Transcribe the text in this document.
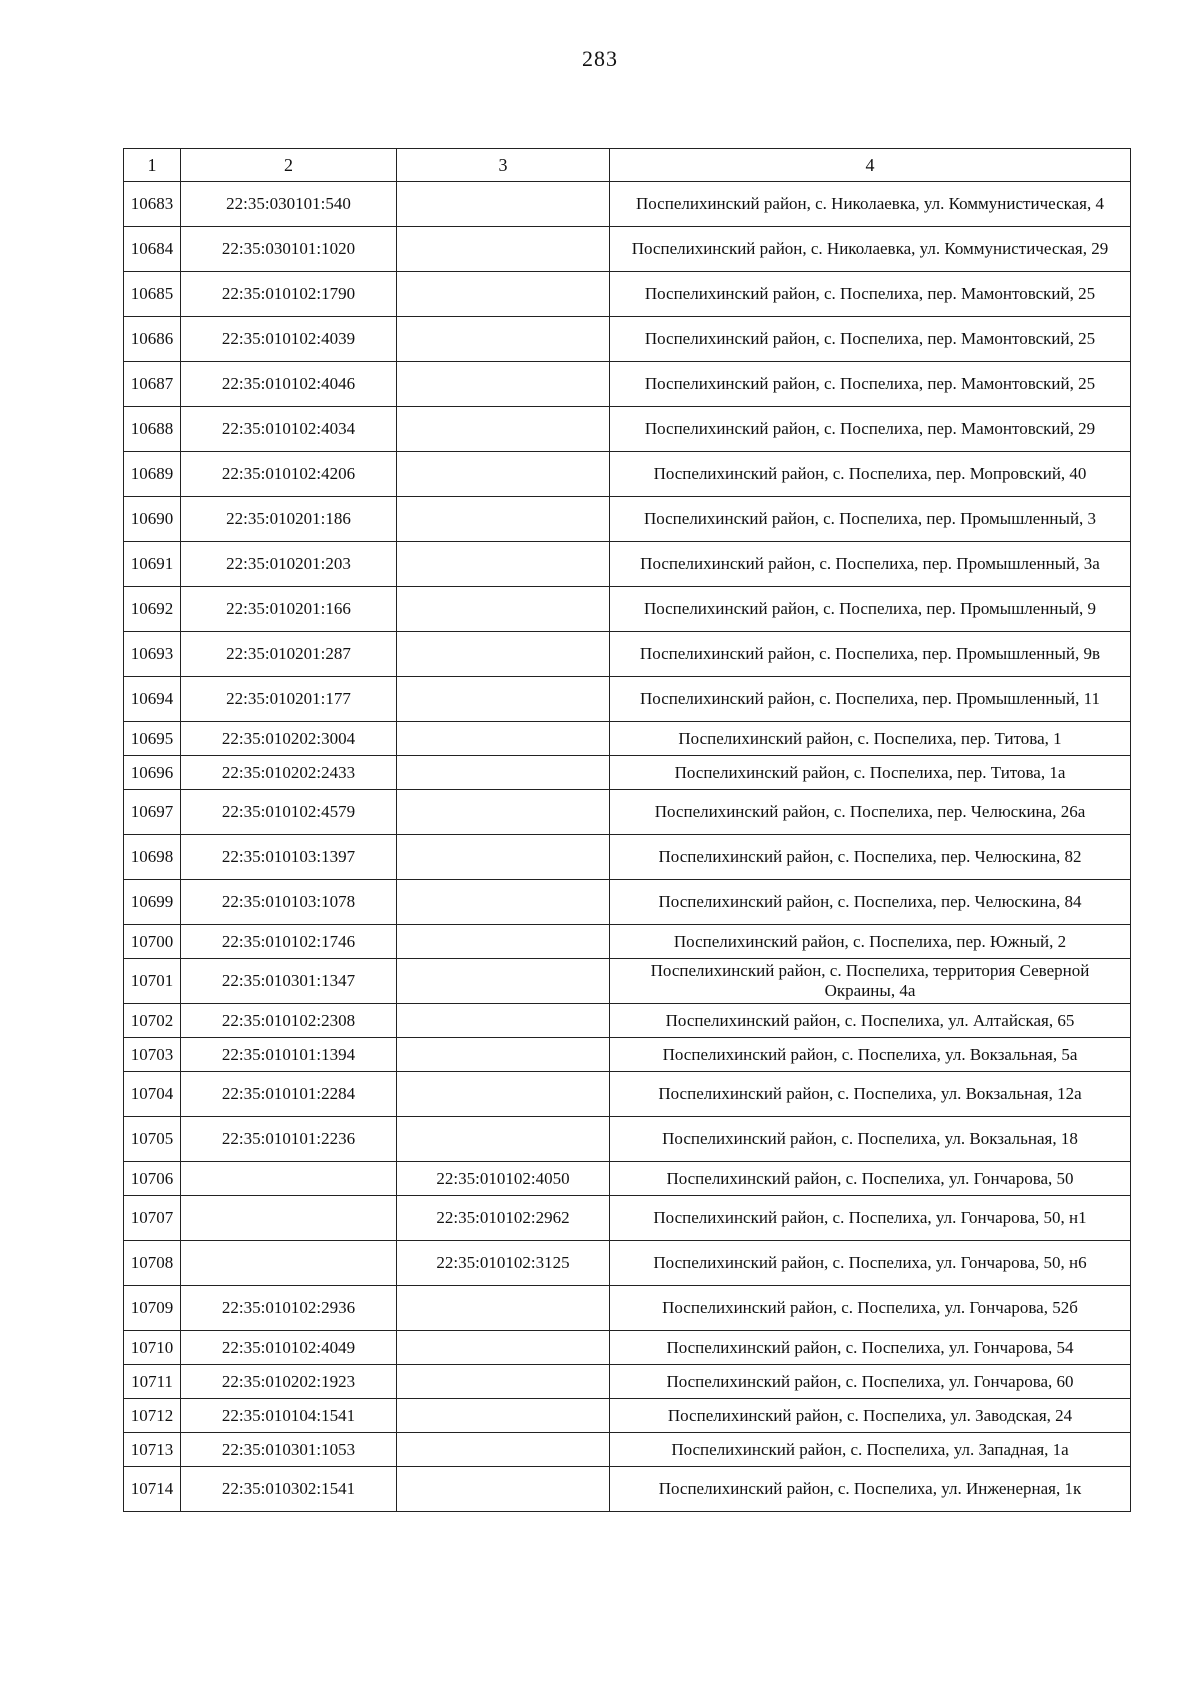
283
1	2	3	4
10683	22:35:030101:540		Поспелихинский район, с. Николаевка, ул. Коммунистическая, 4
10684	22:35:030101:1020		Поспелихинский район, с. Николаевка, ул. Коммунистическая, 29
10685	22:35:010102:1790		Поспелихинский район, с. Поспелиха, пер. Мамонтовский, 25
10686	22:35:010102:4039		Поспелихинский район, с. Поспелиха, пер. Мамонтовский, 25
10687	22:35:010102:4046		Поспелихинский район, с. Поспелиха, пер. Мамонтовский, 25
10688	22:35:010102:4034		Поспелихинский район, с. Поспелиха, пер. Мамонтовский, 29
10689	22:35:010102:4206		Поспелихинский район, с. Поспелиха, пер. Мопровский, 40
10690	22:35:010201:186		Поспелихинский район, с. Поспелиха, пер. Промышленный, 3
10691	22:35:010201:203		Поспелихинский район, с. Поспелиха, пер. Промышленный, 3а
10692	22:35:010201:166		Поспелихинский район, с. Поспелиха, пер. Промышленный, 9
10693	22:35:010201:287		Поспелихинский район, с. Поспелиха, пер. Промышленный, 9в
10694	22:35:010201:177		Поспелихинский район, с. Поспелиха, пер. Промышленный, 11
10695	22:35:010202:3004		Поспелихинский район, с. Поспелиха, пер. Титова, 1
10696	22:35:010202:2433		Поспелихинский район, с. Поспелиха, пер. Титова, 1а
10697	22:35:010102:4579		Поспелихинский район, с. Поспелиха, пер. Челюскина, 26а
10698	22:35:010103:1397		Поспелихинский район, с. Поспелиха, пер. Челюскина, 82
10699	22:35:010103:1078		Поспелихинский район, с. Поспелиха, пер. Челюскина, 84
10700	22:35:010102:1746		Поспелихинский район, с. Поспелиха, пер. Южный, 2
10701	22:35:010301:1347		Поспелихинский район, с. Поспелиха, территория Северной Окраины, 4а
10702	22:35:010102:2308		Поспелихинский район, с. Поспелиха, ул. Алтайская, 65
10703	22:35:010101:1394		Поспелихинский район, с. Поспелиха, ул. Вокзальная, 5а
10704	22:35:010101:2284		Поспелихинский район, с. Поспелиха, ул. Вокзальная, 12а
10705	22:35:010101:2236		Поспелихинский район, с. Поспелиха, ул. Вокзальная, 18
10706		22:35:010102:4050	Поспелихинский район, с. Поспелиха, ул. Гончарова, 50
10707		22:35:010102:2962	Поспелихинский район, с. Поспелиха, ул. Гончарова, 50, н1
10708		22:35:010102:3125	Поспелихинский район, с. Поспелиха, ул. Гончарова, 50, н6
10709	22:35:010102:2936		Поспелихинский район, с. Поспелиха, ул. Гончарова, 52б
10710	22:35:010102:4049		Поспелихинский район, с. Поспелиха, ул. Гончарова, 54
10711	22:35:010202:1923		Поспелихинский район, с. Поспелиха, ул. Гончарова, 60
10712	22:35:010104:1541		Поспелихинский район, с. Поспелиха, ул. Заводская, 24
10713	22:35:010301:1053		Поспелихинский район, с. Поспелиха, ул. Западная, 1а
10714	22:35:010302:1541		Поспелихинский район, с. Поспелиха, ул. Инженерная, 1к
